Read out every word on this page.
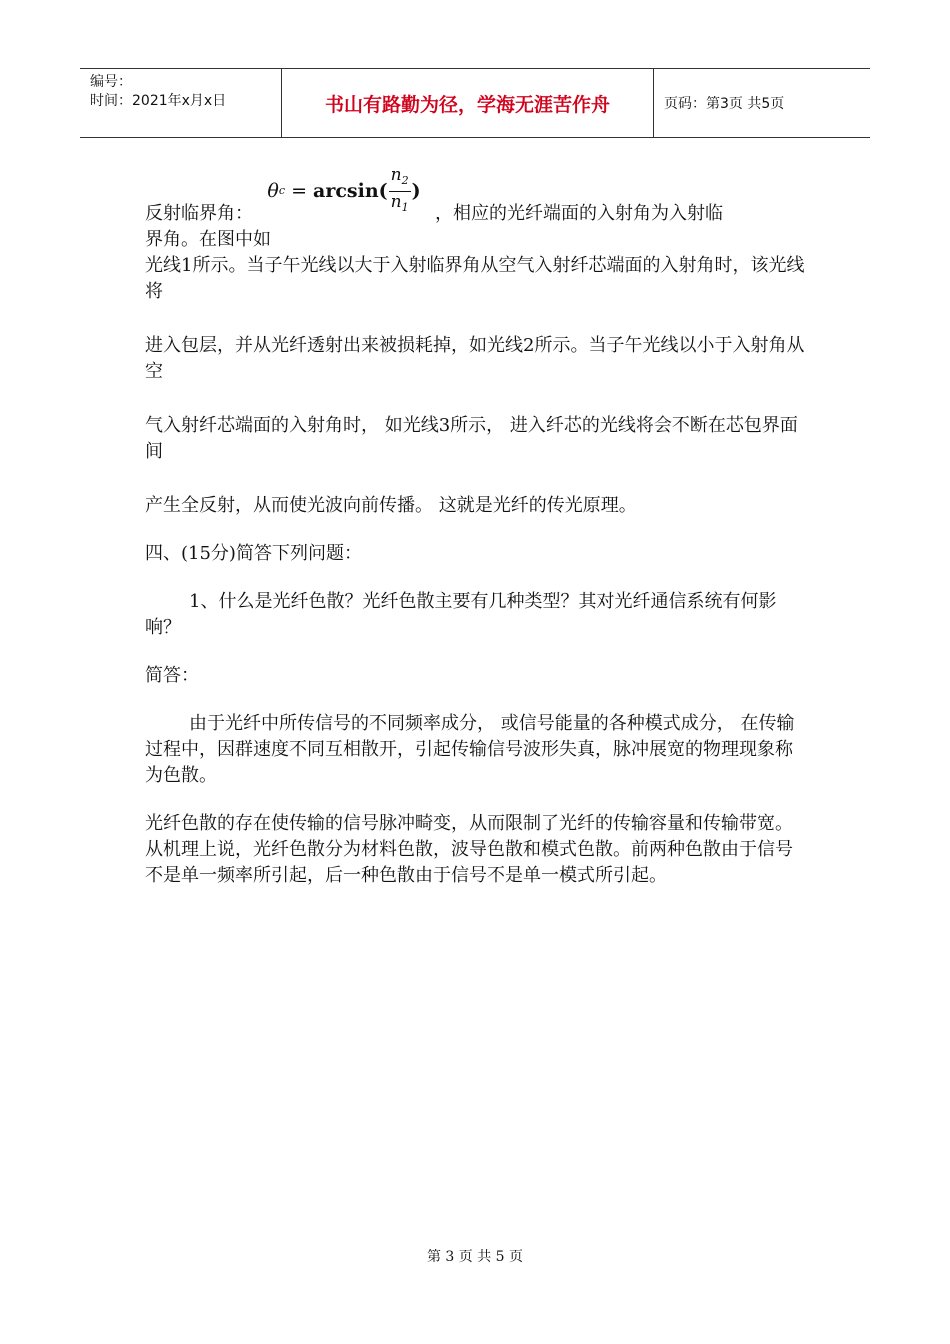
编号：
时间：2021年x月x日	书山有路勤为径，学海无涯苦作舟	页码：第3页 共5页
反射临界角：
θ $c = \arcsin( \frac{n_2}{n_1}$ )
，相应的光纤端面的入射角为入射临

界角。在图中如

光线1所示。当子午光线以大于入射临界角从空气入射纤芯端面的入射角时，该光线将

进入包层，并从光纤透射出来被损耗掉，如光线2所示。当子午光线以小于入射角从空

气入射纤芯端面的入射角时， 如光线3所示， 进入纤芯的光线将会不断在芯包界面间

产生全反射，从而使光波向前传播。 这就是光纤的传光原理。

四、(15分)简答下列问题：

1、什么是光纤色散？光纤色散主要有几种类型？其对光纤通信系统有何影响？

简答：

由于光纤中所传信号的不同频率成分， 或信号能量的各种模式成分， 在传输过程中，因群速度不同互相散开，引起传输信号波形失真，脉冲展宽的物理现象称为色散。

光纤色散的存在使传输的信号脉冲畸变，从而限制了光纤的传输容量和传输带宽。从机理上说，光纤色散分为材料色散，波导色散和模式色散。前两种色散由于信号不是单一频率所引起，后一种色散由于信号不是单一模式所引起。

第 3 页 共 5 页
